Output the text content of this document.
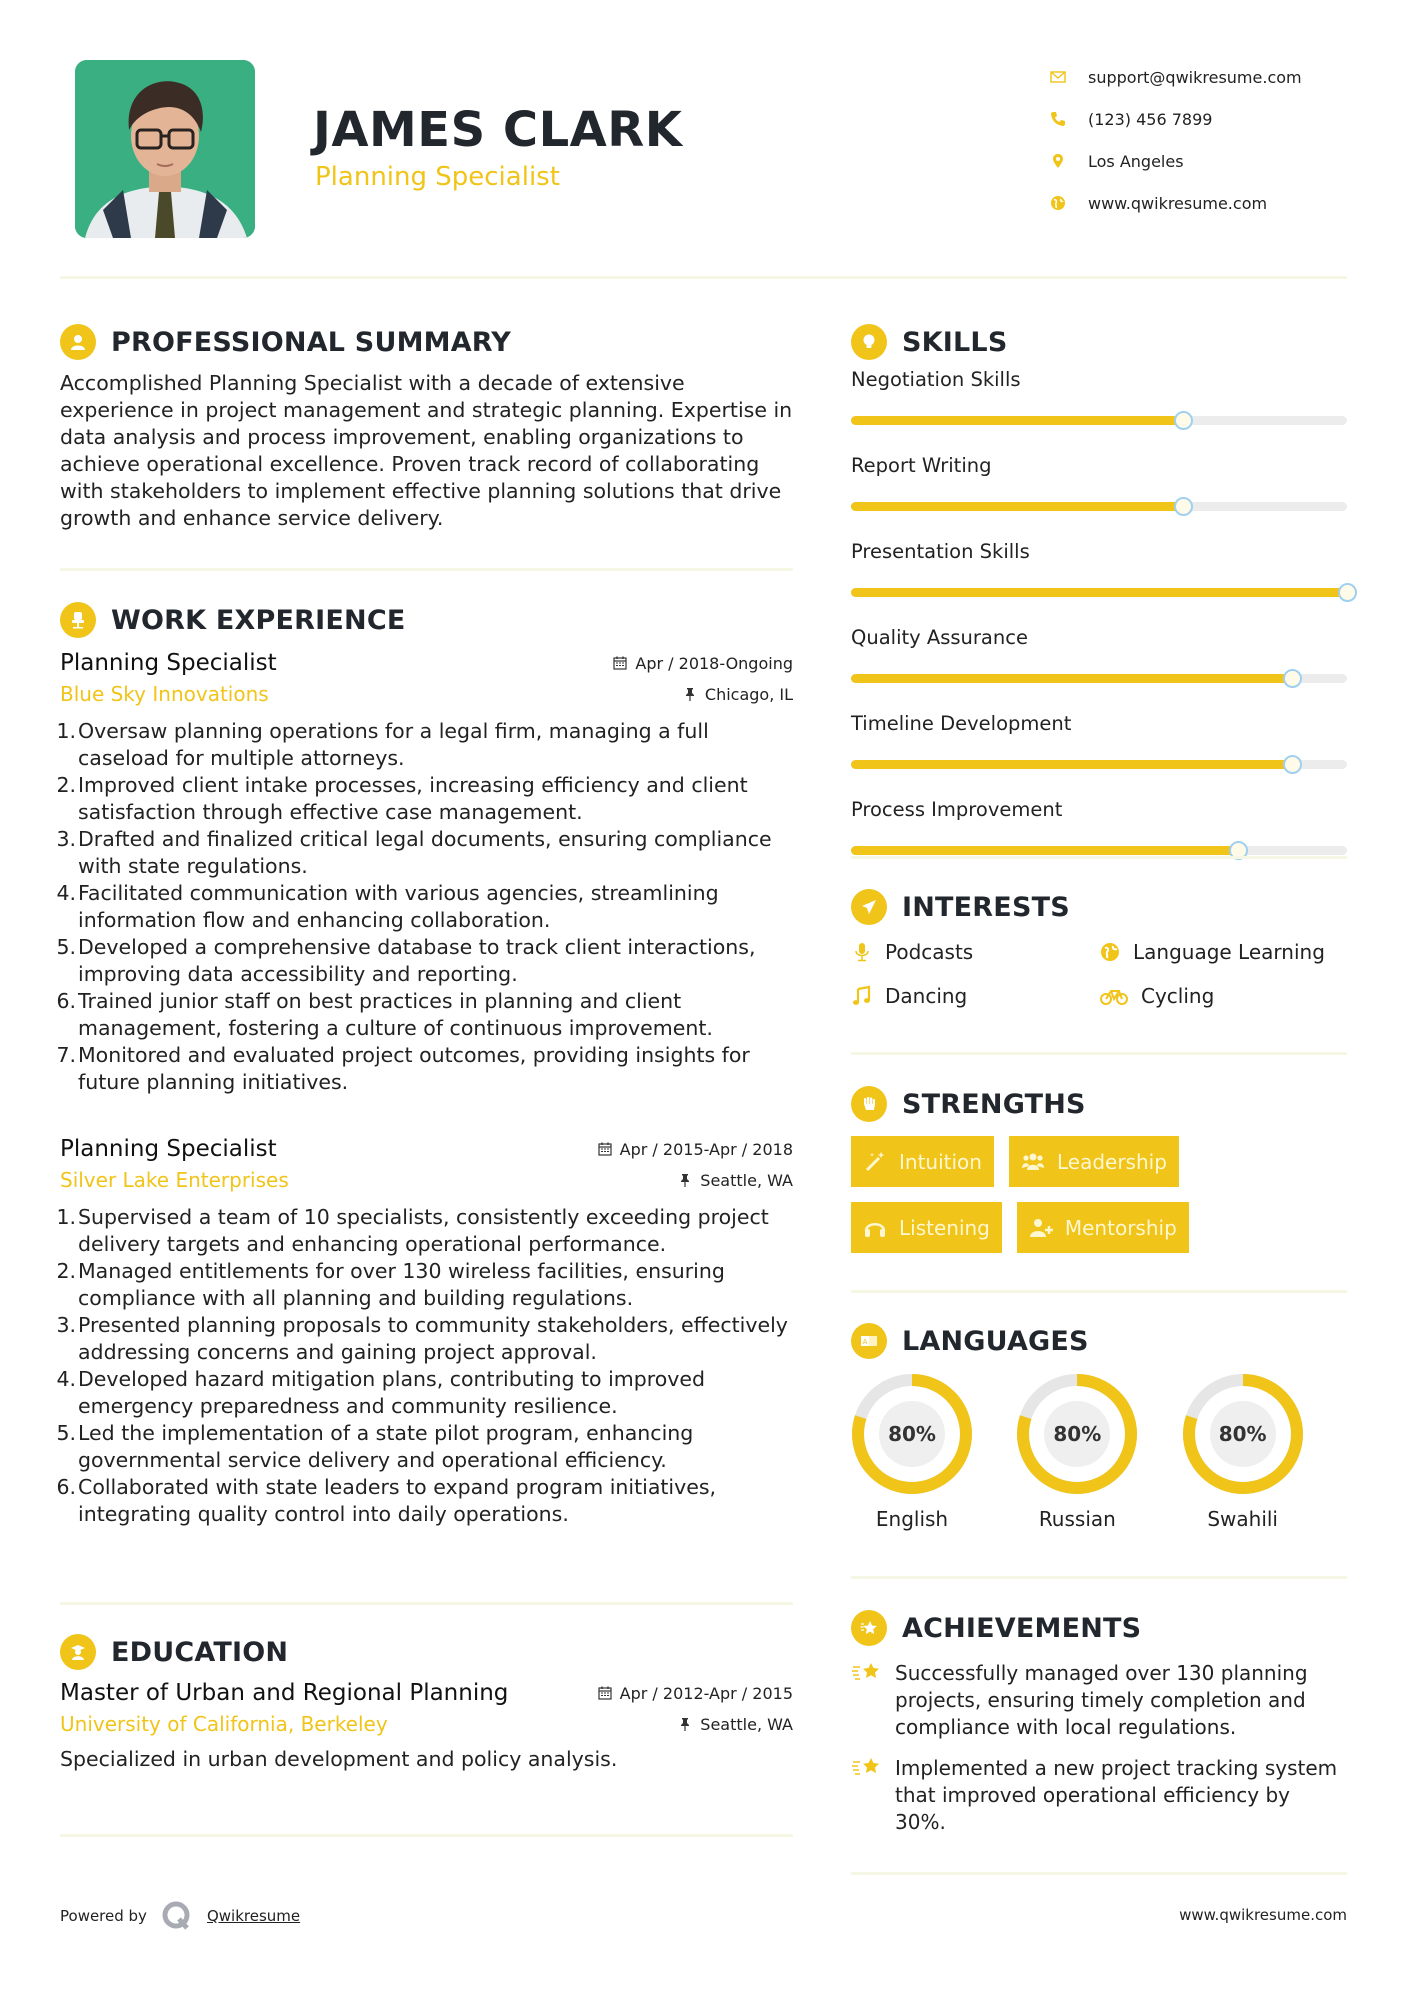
JAMES CLARK
Planning Specialist
support@qwikresume.com
(123) 456 7899
Los Angeles
www.qwikresume.com
PROFESSIONAL SUMMARY

Accomplished Planning Specialist with a decade of extensive experience in project management and strategic planning. Expertise in data analysis and process improvement, enabling organizations to achieve operational excellence. Proven track record of collaborating with stakeholders to implement effective planning solutions that drive growth and enhance service delivery.

WORK EXPERIENCE
Planning Specialist	Apr / 2018-Ongoing
Blue Sky Innovations	Chicago, IL
1. Oversaw planning operations for a legal firm, managing a full caseload for multiple attorneys.
2. Improved client intake processes, increasing efficiency and client satisfaction through effective case management.
3. Drafted and finalized critical legal documents, ensuring compliance with state regulations.
4. Facilitated communication with various agencies, streamlining information flow and enhancing collaboration.
5. Developed a comprehensive database to track client interactions, improving data accessibility and reporting.
6. Trained junior staff on best practices in planning and client management, fostering a culture of continuous improvement.
7. Monitored and evaluated project outcomes, providing insights for future planning initiatives.
Planning Specialist	Apr / 2015-Apr / 2018
Silver Lake Enterprises	Seattle, WA
1. Supervised a team of 10 specialists, consistently exceeding project delivery targets and enhancing operational performance.
2. Managed entitlements for over 130 wireless facilities, ensuring compliance with all planning and building regulations.
3. Presented planning proposals to community stakeholders, effectively addressing concerns and gaining project approval.
4. Developed hazard mitigation plans, contributing to improved emergency preparedness and community resilience.
5. Led the implementation of a state pilot program, enhancing governmental service delivery and operational efficiency.
6. Collaborated with state leaders to expand program initiatives, integrating quality control into daily operations.
EDUCATION
Master of Urban and Regional Planning	Apr / 2012-Apr / 2015
University of California, Berkeley	Seattle, WA

Specialized in urban development and policy analysis.

SKILLS
Negotiation Skills
Report Writing
Presentation Skills
Quality Assurance
Timeline Development
Process Improvement
INTERESTS
Podcasts	Language Learning
Dancing	Cycling
STRENGTHS
Intuition	Leadership
Listening	Mentorship
A LANGUAGES
80%
English
80%
Russian
80%
Swahili
ACHIEVEMENTS
Successfully managed over 130 planning projects, ensuring timely completion and compliance with local regulations.
Implemented a new project tracking system that improved operational efficiency by 30%.
Powered by	Qwikresume	www.qwikresume.com
